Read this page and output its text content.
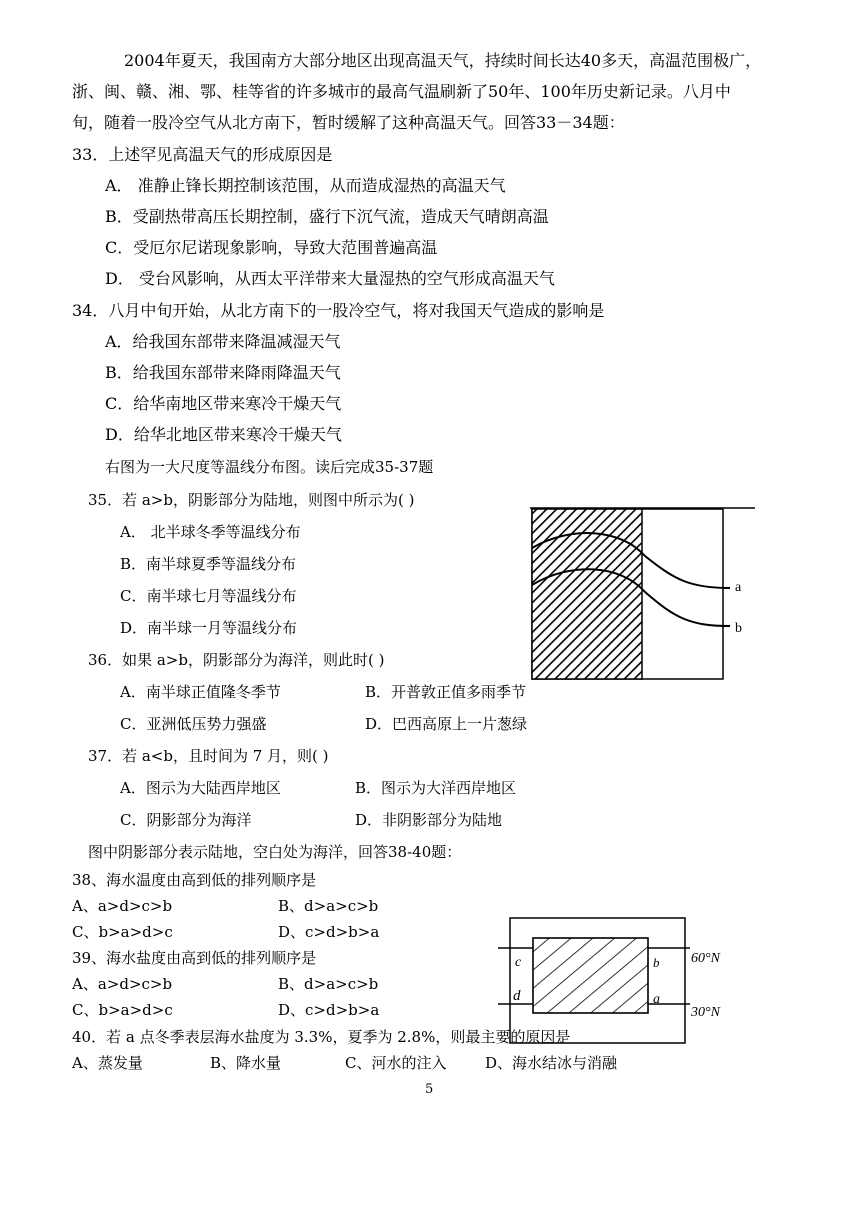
2004年夏天，我国南方大部分地区出现高温天气，持续时间长达40多天，高温范围极广，
浙、闽、赣、湘、鄂、桂等省的许多城市的最高气温刷新了50年、100年历史新记录。八月中
旬，随着一股冷空气从北方南下，暂时缓解了这种高温天气。回答33－34题：
33．上述罕见高温天气的形成原因是
A． 准静止锋长期控制该范围，从而造成湿热的高温天气
B．受副热带高压长期控制，盛行下沉气流，造成天气晴朗高温
C．受厄尔尼诺现象影响，导致大范围普遍高温
D． 受台风影响，从西太平洋带来大量湿热的空气形成高温天气
34．八月中旬开始，从北方南下的一股冷空气，将对我国天气造成的影响是
A．给我国东部带来降温减湿天气
B．给我国东部带来降雨降温天气
C．给华南地区带来寒冷干燥天气
D．给华北地区带来寒冷干燥天气
右图为一大尺度等温线分布图。读后完成35-37题
35．若 a>b，阴影部分为陆地，则图中所示为( )
A． 北半球冬季等温线分布
B．南半球夏季等温线分布
C．南半球七月等温线分布
D．南半球一月等温线分布
36．如果 a>b，阴影部分为海洋，则此时( )
A．南半球正值隆冬季节	B．开普敦正值多雨季节
C．亚洲低压势力强盛	D．巴西高原上一片葱绿
37．若 a<b，且时间为 7 月，则( )
A．图示为大陆西岸地区	B．图示为大洋西岸地区
C．阴影部分为海洋	D．非阴影部分为陆地
图中阴影部分表示陆地，空白处为海洋，回答38-40题：
38、海水温度由高到低的排列顺序是
A、a>d>c>b	B、d>a>c>b
C、b>a>d>c	D、c>d>b>a
39、海水盐度由高到低的排列顺序是
A、a>d>c>b	B、d>a>c>b
C、b>a>d>c	D、c>d>b>a
40．若 a 点冬季表层海水盐度为 3.3%，夏季为 2.8%，则最主要的原因是
A、蒸发量	B、降水量	C、河水的注入	D、海水结冰与消融
a
b
c
d
b
a
60°N
30°N
5
